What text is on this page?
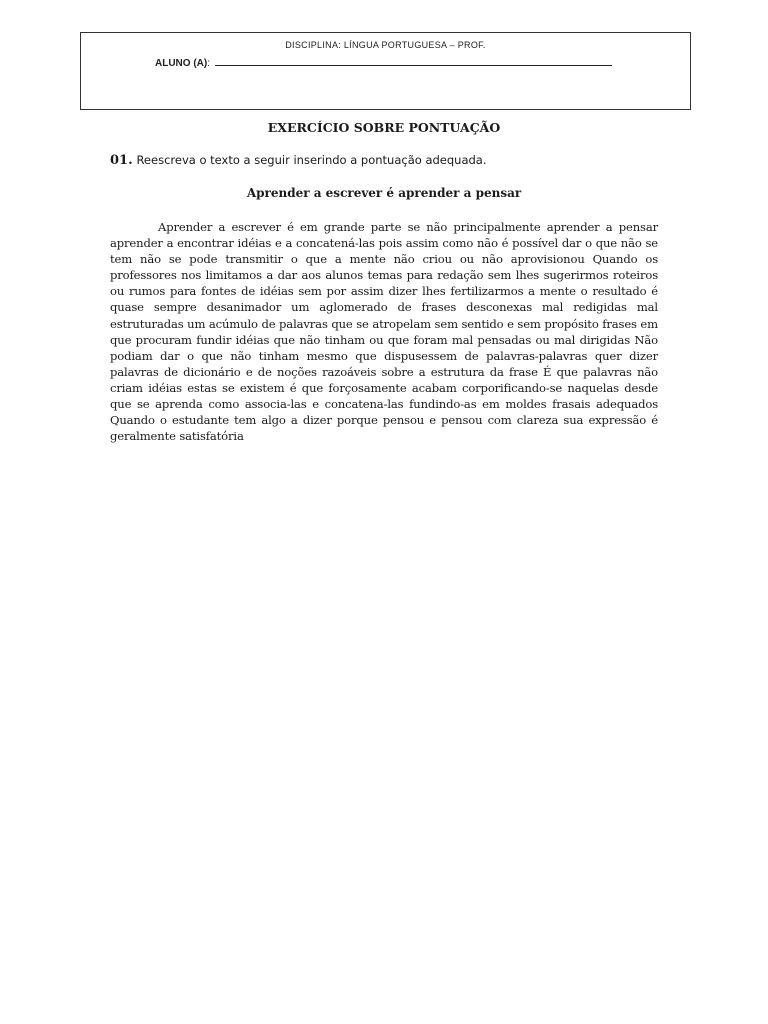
DISCIPLINA: LÍNGUA PORTUGUESA – PROF.
ALUNO (A):
EXERCÍCIO SOBRE PONTUAÇÃO
01. Reescreva o texto a seguir inserindo a pontuação adequada.
Aprender a escrever é aprender a pensar

Aprender a escrever é em grande parte se não principalmente aprender a pensar aprender a encontrar idéias e a concatená-las pois assim como não é possível dar o que não se tem não se pode transmitir o que a mente não criou ou não aprovisionou Quando os professores nos limitamos a dar aos alunos temas para redação sem lhes sugerirmos roteiros ou rumos para fontes de idéias sem por assim dizer lhes fertilizarmos a mente o resultado é quase sempre desanimador um aglomerado de frases desconexas mal redigidas mal estruturadas um acúmulo de palavras que se atropelam sem sentido e sem propósito frases em que procuram fundir idéias que não tinham ou que foram mal pensadas ou mal dirigidas Não podiam dar o que não tinham mesmo que dispusessem de palavras-palavras quer dizer palavras de dicionário e de noções razoáveis sobre a estrutura da frase É que palavras não criam idéias estas se existem é que forçosamente acabam corporificando-se naquelas desde que se aprenda como associa-las e concatena-las fundindo-as em moldes frasais adequados Quando o estudante tem algo a dizer porque pensou e pensou com clareza sua expressão é geralmente satisfatória
